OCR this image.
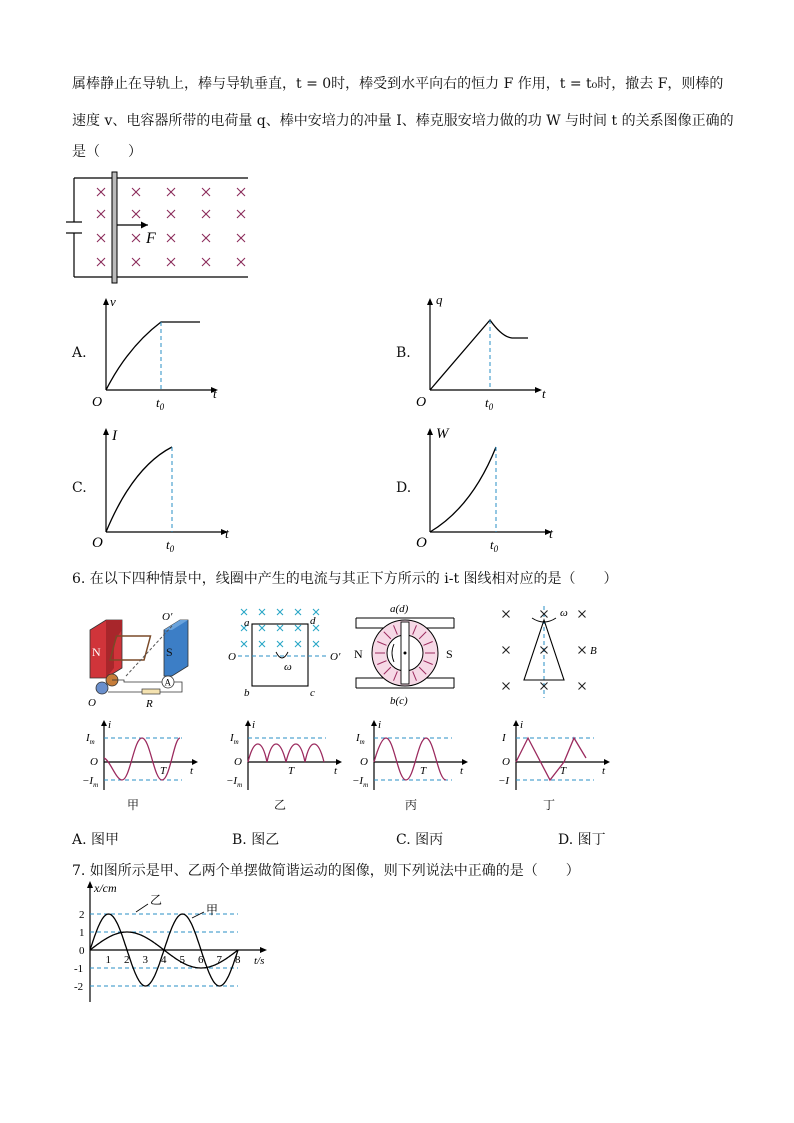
属棒静止在导轨上，棒与导轨垂直，t = 0时，棒受到水平向右的恒力 F 作用，t = t₀时，撤去 F，则棒的
速度 v、电容器所带的电荷量 q、棒中安培力的冲量 I、棒克服安培力做的功 W 与时间 t 的关系图像正确的
是（　　）
F
A.	B.
C.	D.
v
t
O	$t_0$
q
t
O	$t_0$
I
t
O	$t_0$
W
t
O	$t_0$
6. 在以下四种情景中，线圈中产生的电流与其正下方所示的 i-t 图线相对应的是（　　）
N	S
O′
O
A
R
a	d
b	c
O	O′
ω
a(d)
b(c)
N	S
ω
B
i
t
$I_m$
O
$-I_m$
T
i
t
$I_m$
O
$-I_m$
T
i
t
$I_m$
O
$-I_m$
T
i
t
I
O
−I
T
甲	乙	丙	丁
A. 图甲	B. 图乙	C. 图丙	D. 图丁
7. 如图所示是甲、乙两个单摆做简谐运动的图像，则下列说法中正确的是（　　）
1 2 3 4 5 6 7 8
2
1
0
-1
-2
x/cm
t/s
乙
甲
